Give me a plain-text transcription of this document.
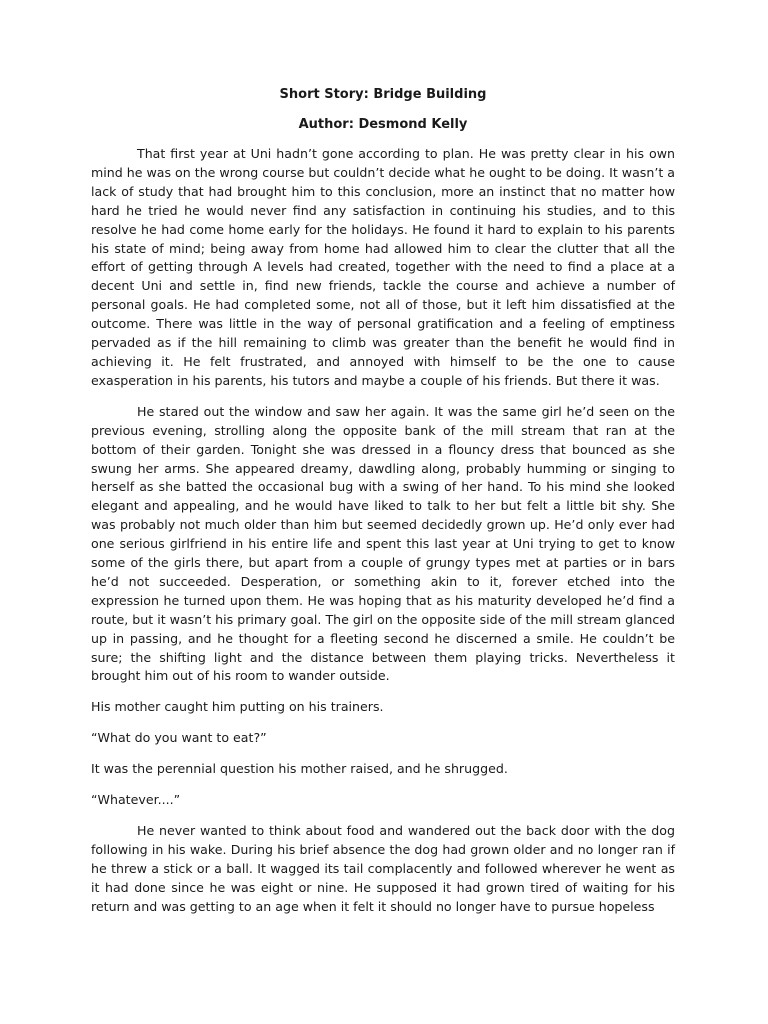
Short Story: Bridge Building

Author: Desmond Kelly

That first year at Uni hadn’t gone according to plan. He was pretty clear in his own mind he was on the wrong course but couldn’t decide what he ought to be doing. It wasn’t a lack of study that had brought him to this conclusion, more an instinct that no matter how hard he tried he would never find any satisfaction in continuing his studies, and to this resolve he had come home early for the holidays. He found it hard to explain to his parents his state of mind; being away from home had allowed him to clear the clutter that all the effort of getting through A levels had created, together with the need to find a place at a decent Uni and settle in, find new friends, tackle the course and achieve a number of personal goals. He had completed some, not all of those, but it left him dissatisfied at the outcome. There was little in the way of personal gratification and a feeling of emptiness pervaded as if the hill remaining to climb was greater than the benefit he would find in achieving it. He felt frustrated, and annoyed with himself to be the one to cause exasperation in his parents, his tutors and maybe a couple of his friends. But there it was.

He stared out the window and saw her again. It was the same girl he’d seen on the previous evening, strolling along the opposite bank of the mill stream that ran at the bottom of their garden. Tonight she was dressed in a flouncy dress that bounced as she swung her arms. She appeared dreamy, dawdling along, probably humming or singing to herself as she batted the occasional bug with a swing of her hand. To his mind she looked elegant and appealing, and he would have liked to talk to her but felt a little bit shy. She was probably not much older than him but seemed decidedly grown up. He’d only ever had one serious girlfriend in his entire life and spent this last year at Uni trying to get to know some of the girls there, but apart from a couple of grungy types met at parties or in bars he’d not succeeded. Desperation, or something akin to it, forever etched into the expression he turned upon them. He was hoping that as his maturity developed he’d find a route, but it wasn’t his primary goal. The girl on the opposite side of the mill stream glanced up in passing, and he thought for a fleeting second he discerned a smile. He couldn’t be sure; the shifting light and the distance between them playing tricks. Nevertheless it brought him out of his room to wander outside.

His mother caught him putting on his trainers.

“What do you want to eat?”

It was the perennial question his mother raised, and he shrugged.

“Whatever....”

He never wanted to think about food and wandered out the back door with the dog following in his wake. During his brief absence the dog had grown older and no longer ran if he threw a stick or a ball. It wagged its tail complacently and followed wherever he went as it had done since he was eight or nine. He supposed it had grown tired of waiting for his return and was getting to an age when it felt it should no longer have to pursue hopeless
